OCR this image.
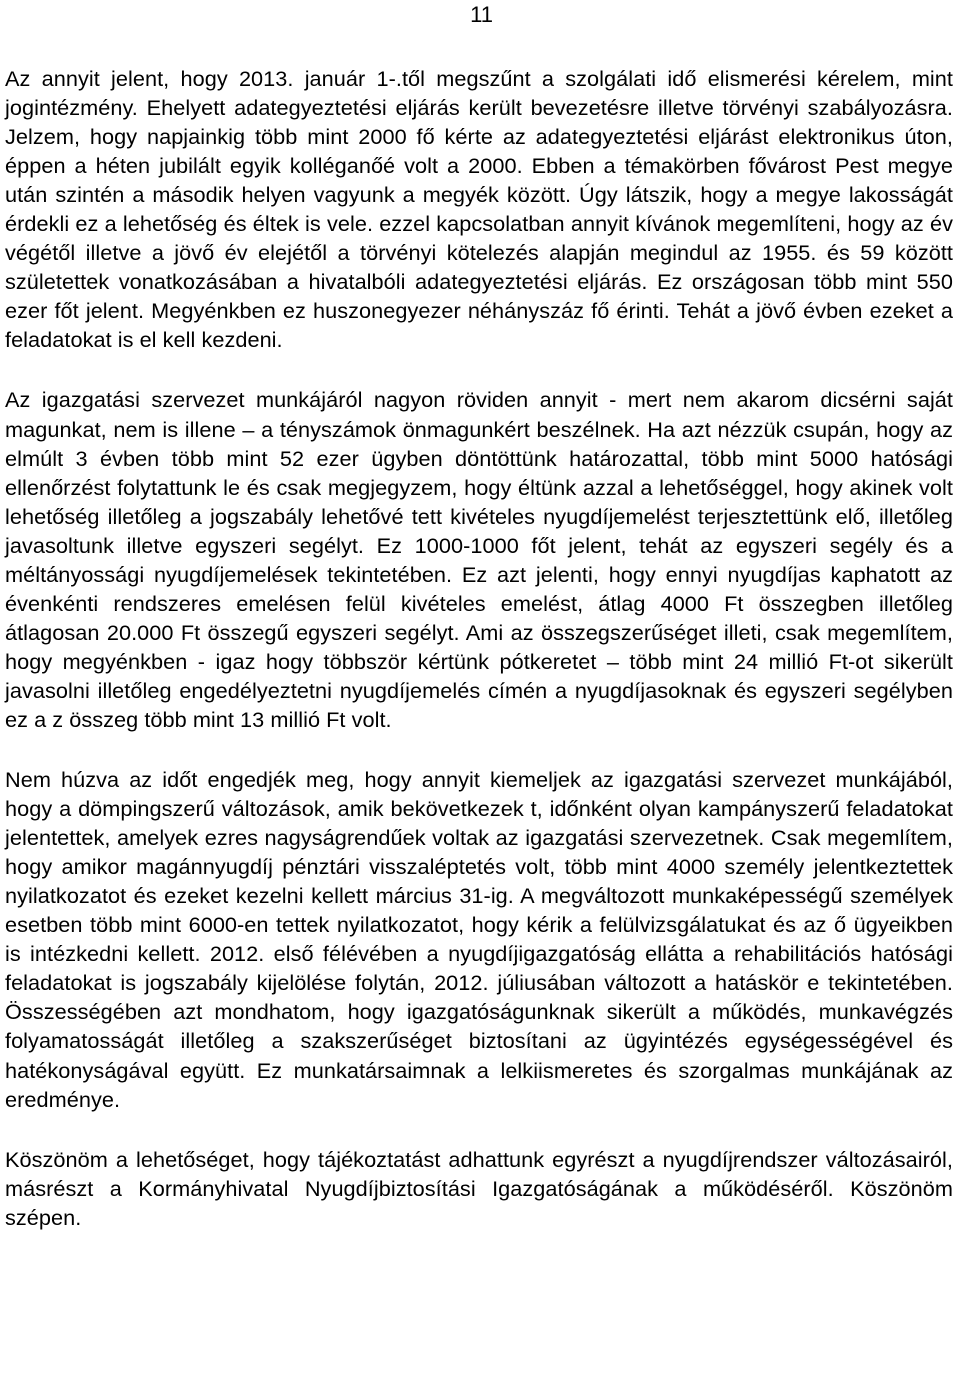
11

Az annyit jelent, hogy 2013. január 1-.től megszűnt a szolgálati idő elismerési kérelem, mint jogintézmény. Ehelyett adategyeztetési eljárás került bevezetésre illetve törvényi szabályozásra. Jelzem, hogy napjainkig több mint 2000 fő kérte az adategyeztetési eljárást elektronikus úton, éppen a héten jubilált egyik kolléganőé volt a 2000. Ebben a témakörben fővárost Pest megye után szintén a második helyen vagyunk a megyék között. Úgy látszik, hogy a megye lakosságát érdekli ez a lehetőség és éltek is vele. ezzel kapcsolatban annyit kívánok megemlíteni, hogy az év végétől illetve a jövő év elejétől a törvényi kötelezés alapján megindul az 1955. és 59 között születettek vonatkozásában a hivatalbóli adategyeztetési eljárás. Ez országosan több mint 550 ezer főt jelent. Megyénkben ez huszonegyezer néhányszáz fő érinti. Tehát a jövő évben ezeket a feladatokat is el kell kezdeni.

Az igazgatási szervezet munkájáról nagyon röviden annyit - mert nem akarom dicsérni saját magunkat, nem is illene – a tényszámok önmagunkért beszélnek. Ha azt nézzük csupán, hogy az elmúlt 3 évben több mint 52 ezer ügyben döntöttünk határozattal, több mint 5000 hatósági ellenőrzést folytattunk le és csak megjegyzem, hogy éltünk azzal a lehetőséggel, hogy akinek volt lehetőség illetőleg a jogszabály lehetővé tett kivételes nyugdíjemelést terjesztettünk elő, illetőleg javasoltunk illetve egyszeri segélyt. Ez 1000-1000 főt jelent, tehát az egyszeri segély és a méltányossági nyugdíjemelések tekintetében. Ez azt jelenti, hogy ennyi nyugdíjas kaphatott az évenkénti rendszeres emelésen felül kivételes emelést, átlag 4000 Ft összegben illetőleg átlagosan 20.000 Ft összegű egyszeri segélyt. Ami az összegszerűséget illeti, csak megemlítem, hogy megyénkben - igaz hogy többször kértünk pótkeretet – több mint 24 millió Ft-ot sikerült javasolni illetőleg engedélyeztetni nyugdíjemelés címén a nyugdíjasoknak és egyszeri segélyben ez a z összeg több mint 13 millió Ft volt.

Nem húzva az időt engedjék meg, hogy annyit kiemeljek az igazgatási szervezet munkájából, hogy a dömpingszerű változások, amik bekövetkezek t, időnként olyan kampányszerű feladatokat jelentettek, amelyek ezres nagyságrendűek voltak az igazgatási szervezetnek. Csak megemlítem, hogy amikor magánnyugdíj pénztári visszaléptetés volt, több mint 4000 személy jelentkeztettek nyilatkozatot és ezeket kezelni kellett március 31-ig. A megváltozott munkaképességű személyek esetben több mint 6000-en tettek nyilatkozatot, hogy kérik a felülvizsgálatukat és az ő ügyeikben is intézkedni kellett. 2012. első félévében a nyugdíjigazgatóság ellátta a rehabilitációs hatósági feladatokat is jogszabály kijelölése folytán, 2012. júliusában változott a hatáskör e tekintetében. Összességében azt mondhatom, hogy igazgatóságunknak sikerült a működés, munkavégzés folyamatosságát illetőleg a szakszerűséget biztosítani az ügyintézés egységességével és hatékonyságával együtt. Ez munkatársaimnak a lelkiismeretes és szorgalmas munkájának az eredménye.

Köszönöm a lehetőséget, hogy tájékoztatást adhattunk egyrészt a nyugdíjrendszer változásairól, másrészt a Kormányhivatal Nyugdíjbiztosítási Igazgatóságának a működéséről. Köszönöm szépen.
